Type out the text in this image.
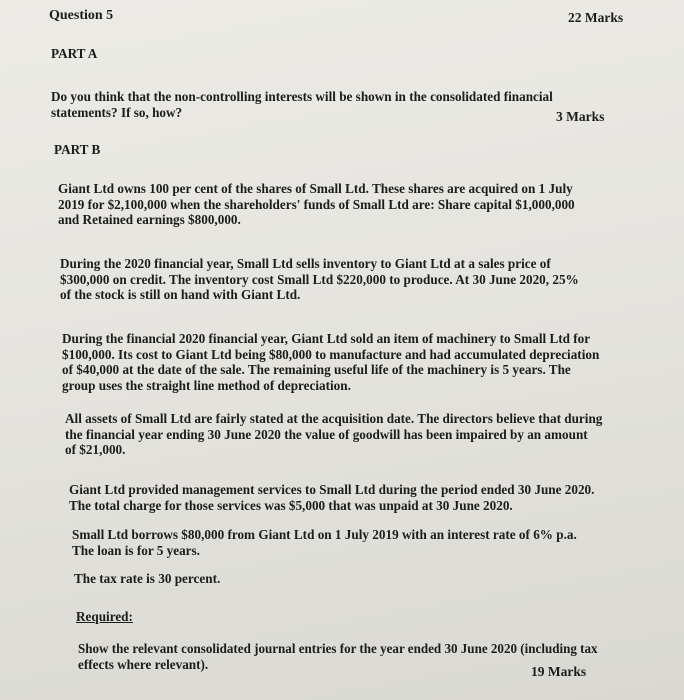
Question 5	22 Marks
PART A
Do you think that the non-controlling interests will be shown in the consolidated financial
statements? If so, how?	3 Marks
PART B
Giant Ltd owns 100 per cent of the shares of Small Ltd. These shares are acquired on 1 July
2019 for $2,100,000 when the shareholders' funds of Small Ltd are: Share capital $1,000,000
and Retained earnings $800,000.
During the 2020 financial year, Small Ltd sells inventory to Giant Ltd at a sales price of
$300,000 on credit. The inventory cost Small Ltd $220,000 to produce. At 30 June 2020, 25%
of the stock is still on hand with Giant Ltd.
During the financial 2020 financial year, Giant Ltd sold an item of machinery to Small Ltd for
$100,000. Its cost to Giant Ltd being $80,000 to manufacture and had accumulated depreciation
of $40,000 at the date of the sale. The remaining useful life of the machinery is 5 years. The
group uses the straight line method of depreciation.
All assets of Small Ltd are fairly stated at the acquisition date. The directors believe that during
the financial year ending 30 June 2020 the value of goodwill has been impaired by an amount
of $21,000.
Giant Ltd provided management services to Small Ltd during the period ended 30 June 2020.
The total charge for those services was $5,000 that was unpaid at 30 June 2020.
Small Ltd borrows $80,000 from Giant Ltd on 1 July 2019 with an interest rate of 6% p.a.
The loan is for 5 years.
The tax rate is 30 percent.
Required:
Show the relevant consolidated journal entries for the year ended 30 June 2020 (including tax
effects where relevant).	19 Marks
